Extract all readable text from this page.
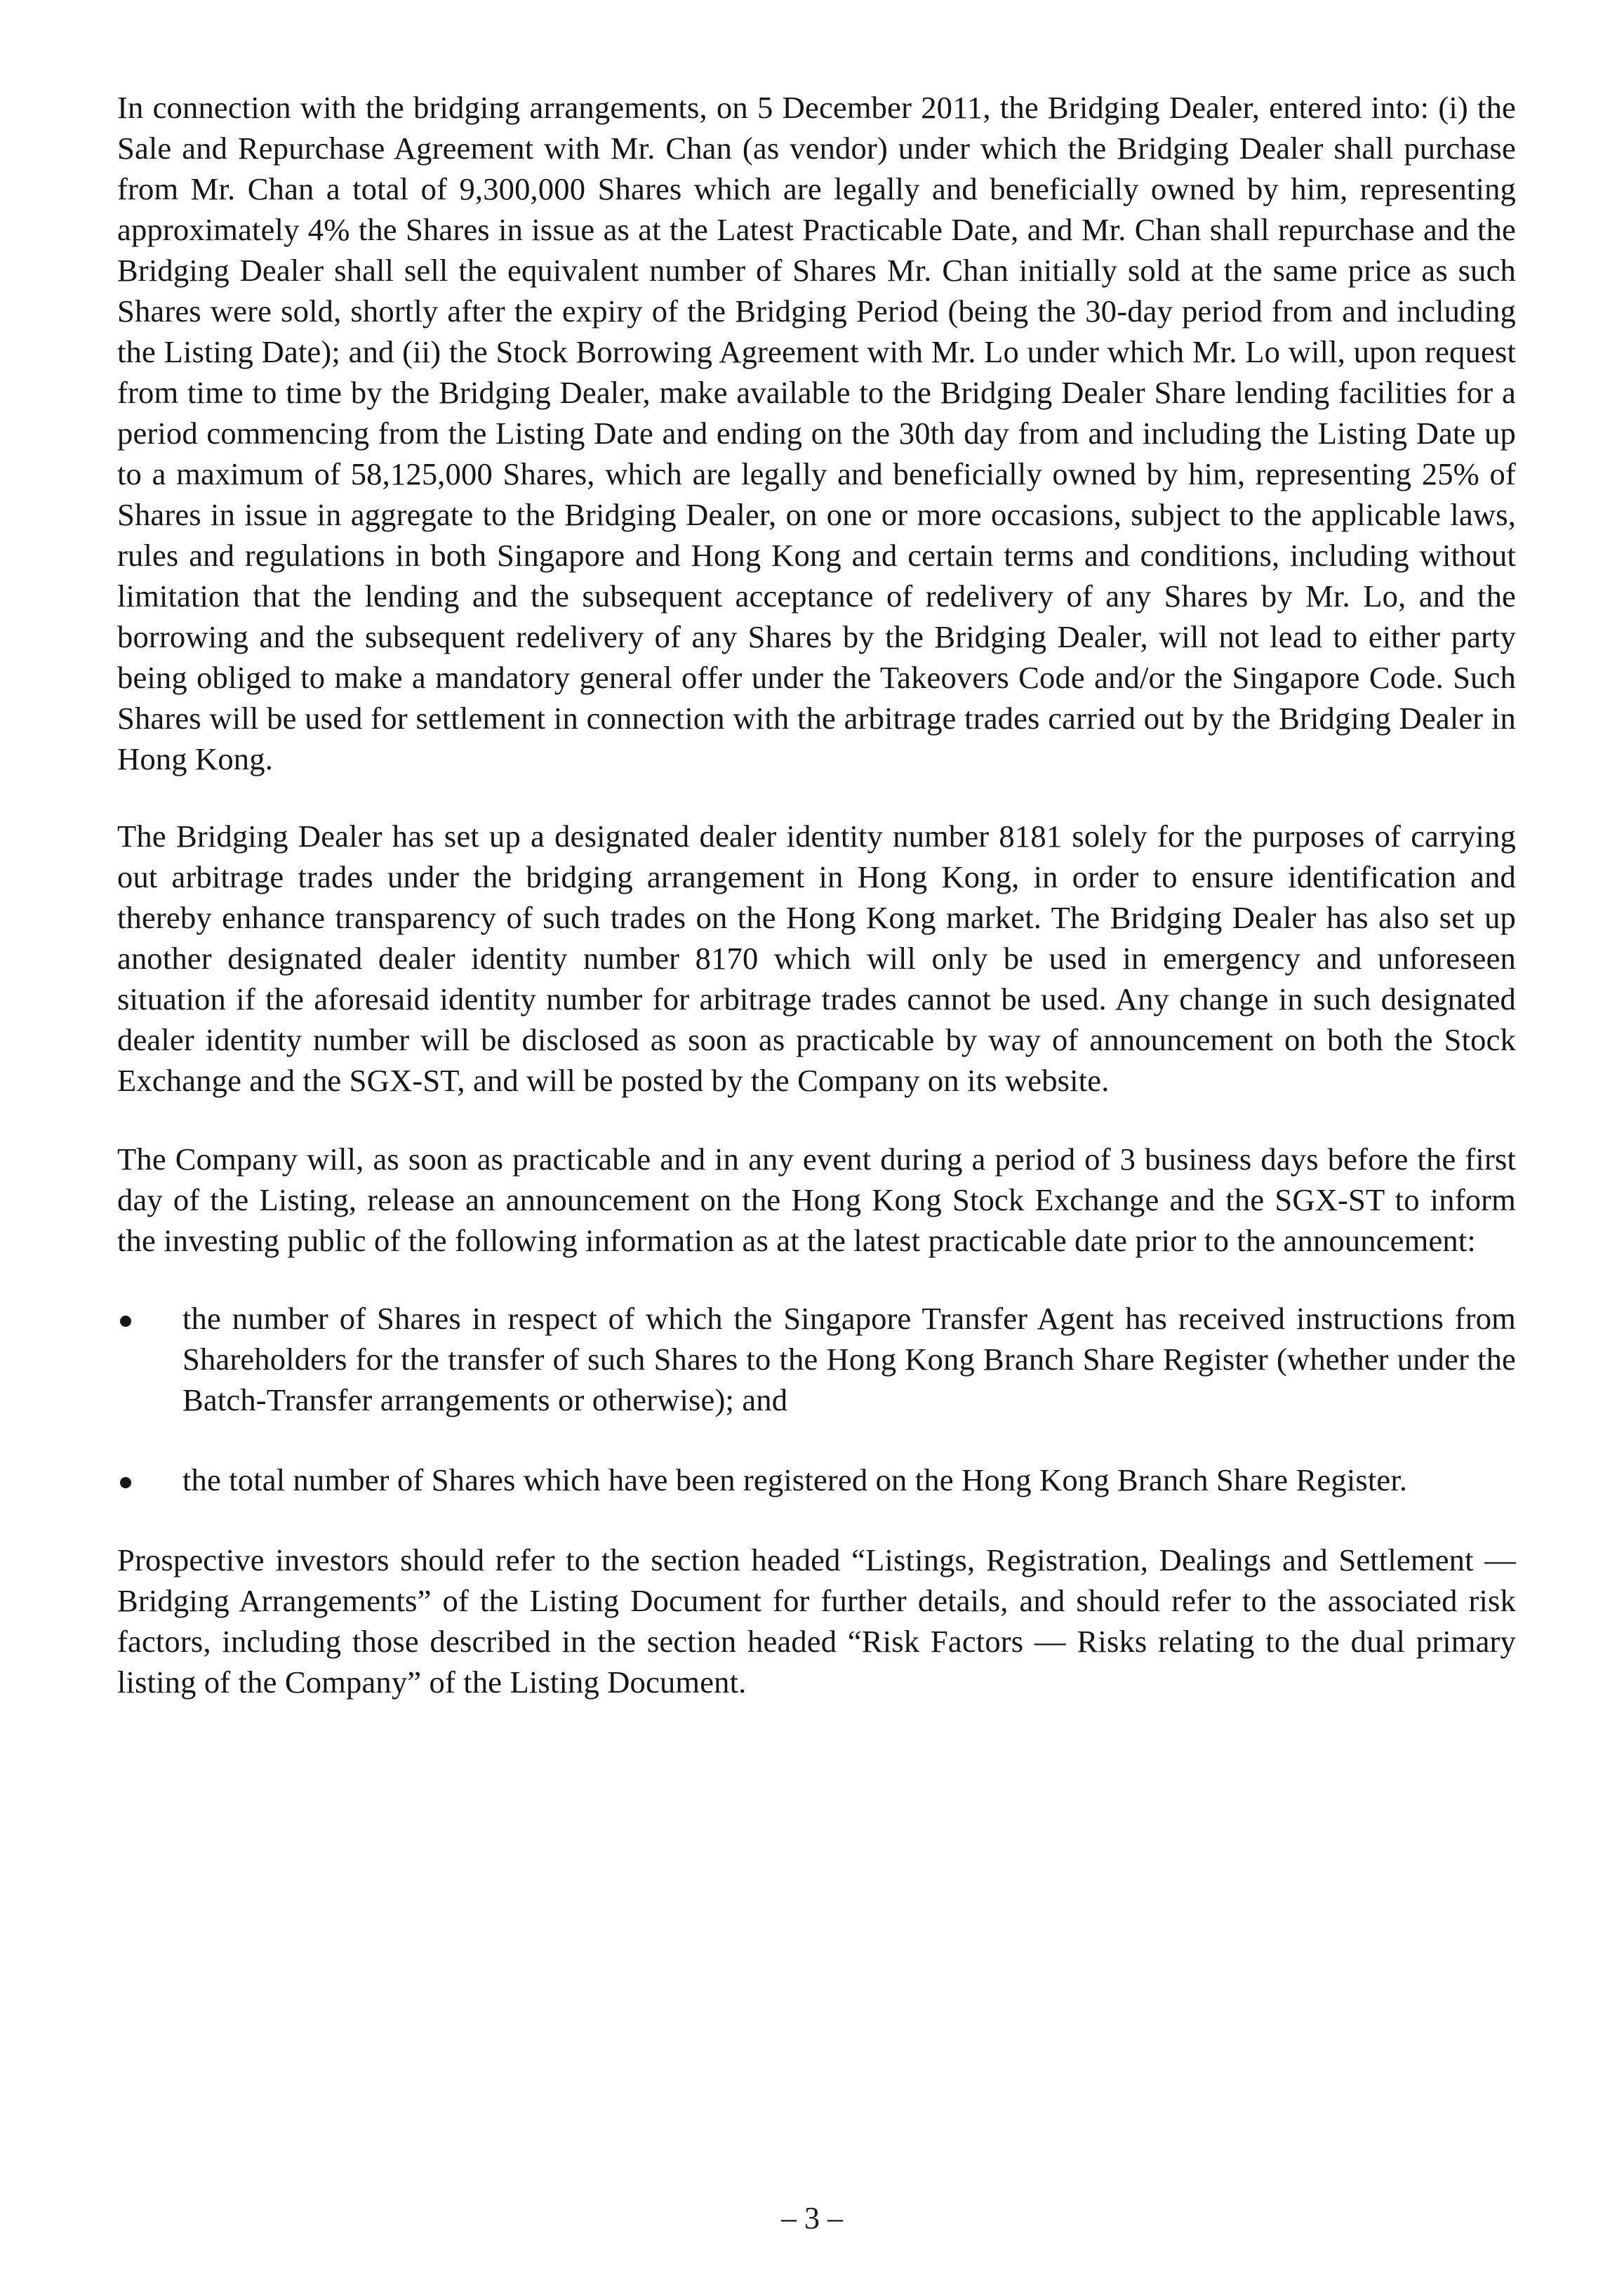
In connection with the bridging arrangements, on 5 December 2011, the Bridging Dealer, entered into: (i) the Sale and Repurchase Agreement with Mr. Chan (as vendor) under which the Bridging Dealer shall purchase from Mr. Chan a total of 9,300,000 Shares which are legally and beneficially owned by him, representing approximately 4% the Shares in issue as at the Latest Practicable Date, and Mr. Chan shall repurchase and the Bridging Dealer shall sell the equivalent number of Shares Mr. Chan initially sold at the same price as such Shares were sold, shortly after the expiry of the Bridging Period (being the 30-day period from and including the Listing Date); and (ii) the Stock Borrowing Agreement with Mr. Lo under which Mr. Lo will, upon request from time to time by the Bridging Dealer, make available to the Bridging Dealer Share lending facilities for a period commencing from the Listing Date and ending on the 30th day from and including the Listing Date up to a maximum of 58,125,000 Shares, which are legally and beneficially owned by him, representing 25% of Shares in issue in aggregate to the Bridging Dealer, on one or more occasions, subject to the applicable laws, rules and regulations in both Singapore and Hong Kong and certain terms and conditions, including without limitation that the lending and the subsequent acceptance of redelivery of any Shares by Mr. Lo, and the borrowing and the subsequent redelivery of any Shares by the Bridging Dealer, will not lead to either party being obliged to make a mandatory general offer under the Takeovers Code and/or the Singapore Code. Such Shares will be used for settlement in connection with the arbitrage trades carried out by the Bridging Dealer in Hong Kong.

The Bridging Dealer has set up a designated dealer identity number 8181 solely for the purposes of carrying out arbitrage trades under the bridging arrangement in Hong Kong, in order to ensure identification and thereby enhance transparency of such trades on the Hong Kong market. The Bridging Dealer has also set up another designated dealer identity number 8170 which will only be used in emergency and unforeseen situation if the aforesaid identity number for arbitrage trades cannot be used. Any change in such designated dealer identity number will be disclosed as soon as practicable by way of announcement on both the Stock Exchange and the SGX-ST, and will be posted by the Company on its website.

The Company will, as soon as practicable and in any event during a period of 3 business days before the first day of the Listing, release an announcement on the Hong Kong Stock Exchange and the SGX-ST to inform the investing public of the following information as at the latest practicable date prior to the announcement:

the number of Shares in respect of which the Singapore Transfer Agent has received instructions from Shareholders for the transfer of such Shares to the Hong Kong Branch Share Register (whether under the Batch-Transfer arrangements or otherwise); and
the total number of Shares which have been registered on the Hong Kong Branch Share Register.

Prospective investors should refer to the section headed “Listings, Registration, Dealings and Settlement — Bridging Arrangements” of the Listing Document for further details, and should refer to the associated risk factors, including those described in the section headed “Risk Factors — Risks relating to the dual primary listing of the Company” of the Listing Document.

– 3 –
